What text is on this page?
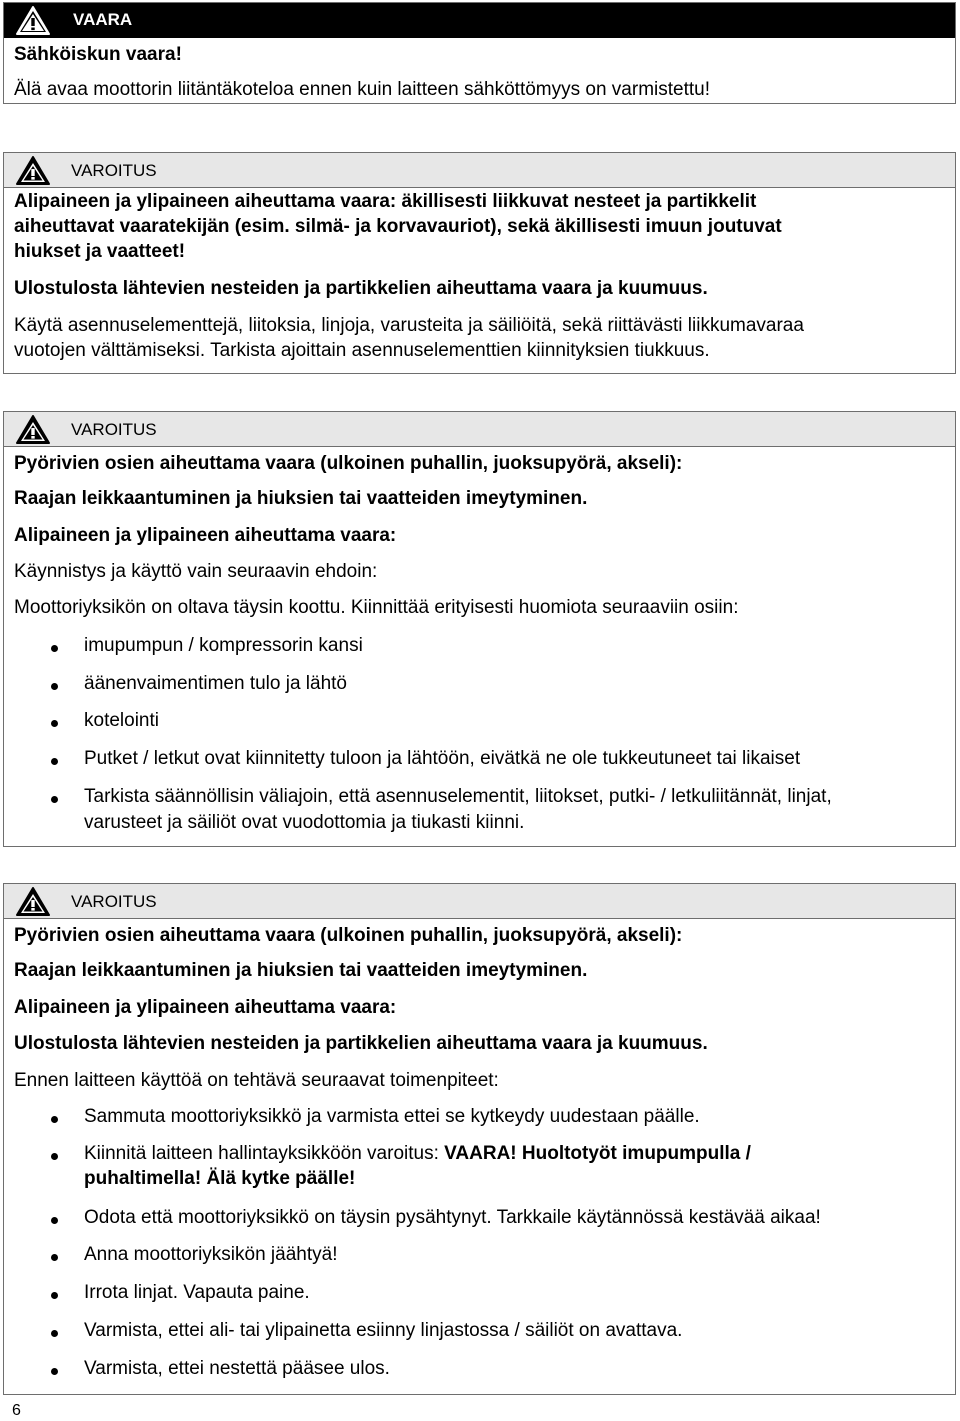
VAARA
Sähköiskun vaara!
Älä avaa moottorin liitäntäkoteloa ennen kuin laitteen sähköttömyys on varmistettu!
VAROITUS
Alipaineen ja ylipaineen aiheuttama vaara: äkillisesti liikkuvat nesteet ja partikkelit
aiheuttavat vaaratekijän (esim. silmä- ja korvavauriot), sekä äkillisesti imuun joutuvat
hiukset ja vaatteet!
Ulostulosta lähtevien nesteiden ja partikkelien aiheuttama vaara ja kuumuus.
Käytä asennuselementtejä, liitoksia, linjoja, varusteita ja säiliöitä, sekä riittävästi liikkumavaraa
vuotojen välttämiseksi. Tarkista ajoittain asennuselementtien kiinnityksien tiukkuus.
VAROITUS
Pyörivien osien aiheuttama vaara (ulkoinen puhallin, juoksupyörä, akseli):
Raajan leikkaantuminen ja hiuksien tai vaatteiden imeytyminen.
Alipaineen ja ylipaineen aiheuttama vaara:
Käynnistys ja käyttö vain seuraavin ehdoin:
Moottoriyksikön on oltava täysin koottu. Kiinnittää erityisesti huomiota seuraaviin osiin:
imupumpun / kompressorin kansi
äänenvaimentimen tulo ja lähtö
kotelointi
Putket / letkut ovat kiinnitetty tuloon ja lähtöön, eivätkä ne ole tukkeutuneet tai likaiset
Tarkista säännöllisin väliajoin, että asennuselementit, liitokset, putki- / letkuliitännät, linjat,
varusteet ja säiliöt ovat vuodottomia ja tiukasti kiinni.
VAROITUS
Pyörivien osien aiheuttama vaara (ulkoinen puhallin, juoksupyörä, akseli):
Raajan leikkaantuminen ja hiuksien tai vaatteiden imeytyminen.
Alipaineen ja ylipaineen aiheuttama vaara:
Ulostulosta lähtevien nesteiden ja partikkelien aiheuttama vaara ja kuumuus.
Ennen laitteen käyttöä on tehtävä seuraavat toimenpiteet:
Sammuta moottoriyksikkö ja varmista ettei se kytkeydy uudestaan päälle.
Kiinnitä laitteen hallintayksikköön varoitus: VAARA! Huoltotyöt imupumpulla /
puhaltimella! Älä kytke päälle!
Odota että moottoriyksikkö on täysin pysähtynyt. Tarkkaile käytännössä kestävää aikaa!
Anna moottoriyksikön jäähtyä!
Irrota linjat. Vapauta paine.
Varmista, ettei ali- tai ylipainetta esiinny linjastossa / säiliöt on avattava.
Varmista, ettei nestettä pääsee ulos.
6
